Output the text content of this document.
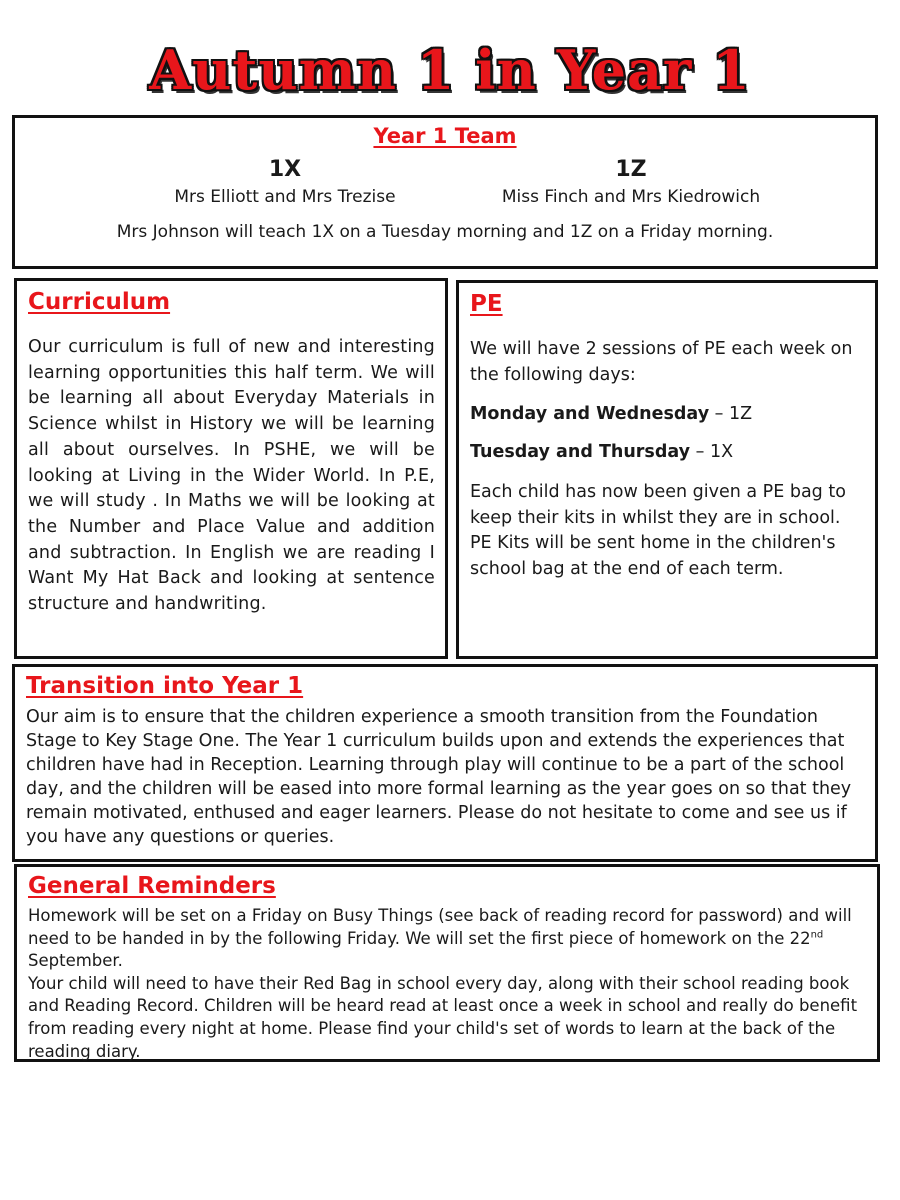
Autumn 1 in Year 1
Year 1 Team
1X
Mrs Elliott and Mrs Trezise
1Z
Miss Finch and Mrs Kiedrowich
Mrs Johnson will teach 1X on a Tuesday morning and 1Z on a Friday morning.
Curriculum
Our curriculum is full of new and interesting learning opportunities this half term. We will be learning all about Everyday Materials in Science whilst in History we will be learning all about ourselves. In PSHE, we will be looking at Living in the Wider World. In P.E, we will study . In Maths we will be looking at the Number and Place Value and addition and subtraction. In English we are reading I Want My Hat Back and looking at sentence structure and handwriting.
PE
We will have 2 sessions of PE each week on the following days:
Monday and Wednesday – 1Z
Tuesday and Thursday – 1X
Each child has now been given a PE bag to keep their kits in whilst they are in school. PE Kits will be sent home in the children's school bag at the end of each term.
Transition into Year 1
Our aim is to ensure that the children experience a smooth transition from the Foundation Stage to Key Stage One. The Year 1 curriculum builds upon and extends the experiences that children have had in Reception. Learning through play will continue to be a part of the school day, and the children will be eased into more formal learning as the year goes on so that they remain motivated, enthused and eager learners. Please do not hesitate to come and see us if you have any questions or queries.
General Reminders
Homework will be set on a Friday on Busy Things (see back of reading record for password) and will need to be handed in by the following Friday. We will set the first piece of homework on the 22nd September.
Your child will need to have their Red Bag in school every day, along with their school reading book and Reading Record. Children will be heard read at least once a week in school and really do benefit from reading every night at home. Please find your child's set of words to learn at the back of the reading diary.
